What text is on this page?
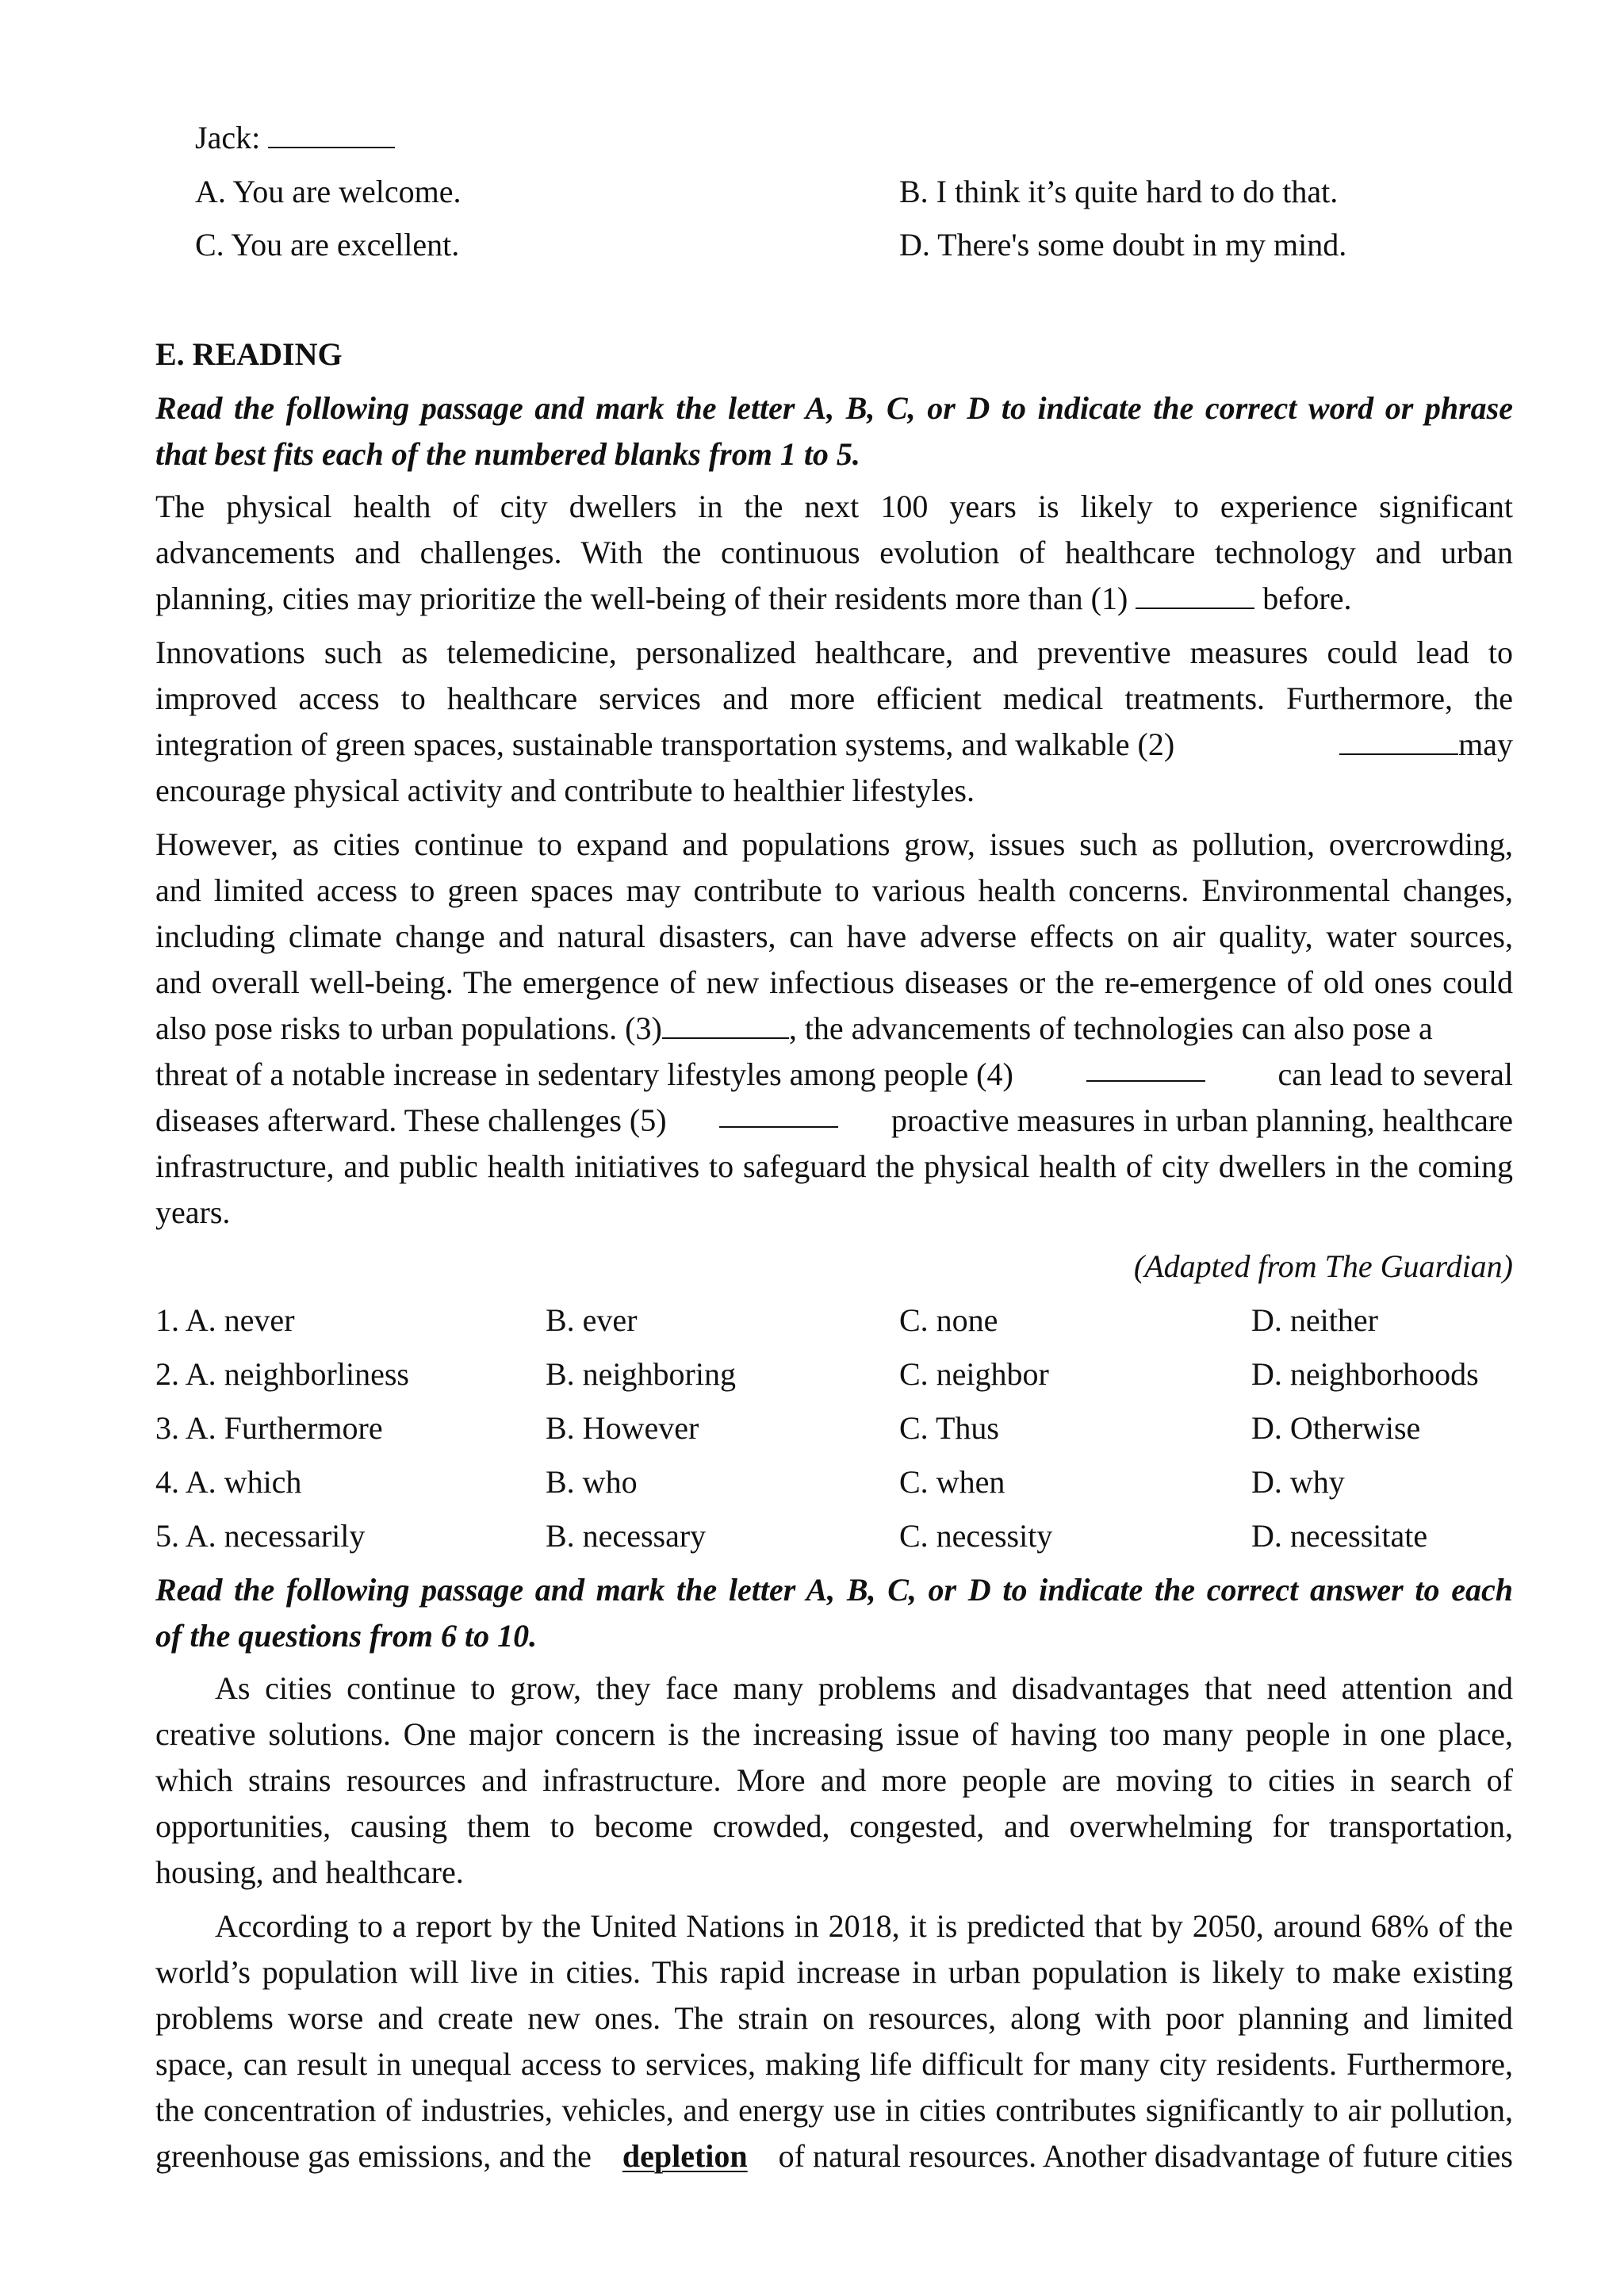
Jack:
A. You are welcome.	B. I think it’s quite hard to do that.
C. You are excellent.	D. There's some doubt in my mind.
E. READING
Read the following passage and mark the letter A, B, C, or D to indicate the correct word or phrase
that best fits each of the numbered blanks from 1 to 5.
The physical health of city dwellers in the next 100 years is likely to experience significant
advancements and challenges. With the continuous evolution of healthcare technology and urban
planning, cities may prioritize the well-being of their residents more than (1)	before.
Innovations such as telemedicine, personalized healthcare, and preventive measures could lead to
improved access to healthcare services and more efficient medical treatments. Furthermore, the
integration of green spaces, sustainable transportation systems, and walkable (2)	may
encourage physical activity and contribute to healthier lifestyles.
However, as cities continue to expand and populations grow, issues such as pollution, overcrowding,
and limited access to green spaces may contribute to various health concerns. Environmental changes,
including climate change and natural disasters, can have adverse effects on air quality, water sources,
and overall well-being. The emergence of new infectious diseases or the re-emergence of old ones could
also pose risks to urban populations. (3)	, the advancements of technologies can also pose a
threat of a notable increase in sedentary lifestyles among people (4)	can lead to several
diseases afterward. These challenges (5)	proactive measures in urban planning, healthcare
infrastructure, and public health initiatives to safeguard the physical health of city dwellers in the coming
years.
(Adapted from The Guardian)
1. A. never	B. ever	C. none	D. neither
2. A. neighborliness	B. neighboring	C. neighbor	D. neighborhoods
3. A. Furthermore	B. However	C. Thus	D. Otherwise
4. A. which	B. who	C. when	D. why
5. A. necessarily	B. necessary	C. necessity	D. necessitate
Read the following passage and mark the letter A, B, C, or D to indicate the correct answer to each
of the questions from 6 to 10.
As cities continue to grow, they face many problems and disadvantages that need attention and
creative solutions. One major concern is the increasing issue of having too many people in one place,
which strains resources and infrastructure. More and more people are moving to cities in search of
opportunities, causing them to become crowded, congested, and overwhelming for transportation,
housing, and healthcare.
According to a report by the United Nations in 2018, it is predicted that by 2050, around 68% of the
world’s population will live in cities. This rapid increase in urban population is likely to make existing
problems worse and create new ones. The strain on resources, along with poor planning and limited
space, can result in unequal access to services, making life difficult for many city residents. Furthermore,
the concentration of industries, vehicles, and energy use in cities contributes significantly to air pollution,
greenhouse gas emissions, and the depletion of natural resources. Another disadvantage of future cities
